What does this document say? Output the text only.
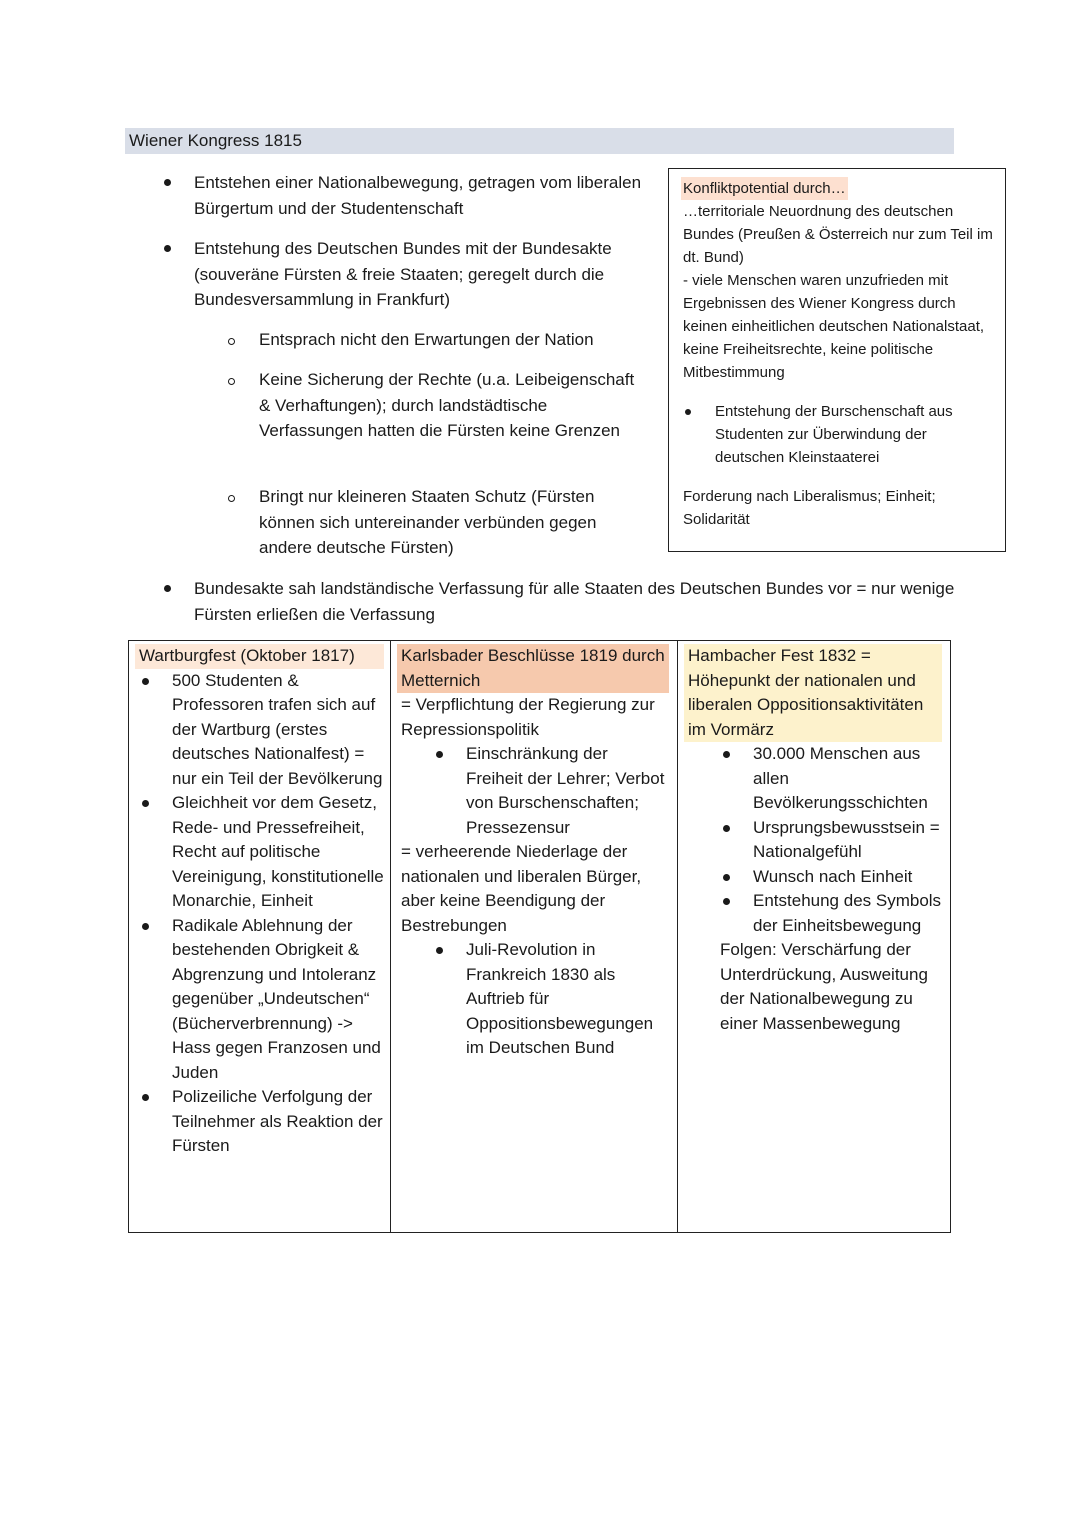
Wiener Kongress 1815
Entstehen einer Nationalbewegung, getragen vom liberalen Bürgertum und der Studentenschaft
Entstehung des Deutschen Bundes mit der Bundesakte (souveräne Fürsten & freie Staaten; geregelt durch die Bundesversammlung in Frankfurt)
Entsprach nicht den Erwartungen der Nation
Keine Sicherung der Rechte (u.a. Leibeigenschaft & Verhaftungen); durch landstädtische Verfassungen hatten die Fürsten keine Grenzen
Bringt nur kleineren Staaten Schutz (Fürsten können sich untereinander verbünden gegen andere deutsche Fürsten)
Bundesakte sah landständische Verfassung für alle Staaten des Deutschen Bundes vor = nur wenige Fürsten erließen die Verfassung
Konfliktpotential durch…
…territoriale Neuordnung des deutschen Bundes (Preußen & Österreich nur zum Teil im dt. Bund)
- viele Menschen waren unzufrieden mit Ergebnissen des Wiener Kongress durch keinen einheitlichen deutschen Nationalstaat, keine Freiheitsrechte, keine politische Mitbestimmung
Entstehung der Burschenschaft aus Studenten zur Überwindung der deutschen Kleinstaaterei
Forderung nach Liberalismus; Einheit; Solidarität
Wartburgfest (Oktober 1817)
500 Studenten & Professoren trafen sich auf der Wartburg (erstes deutsches Nationalfest) = nur ein Teil der Bevölkerung
Gleichheit vor dem Gesetz, Rede- und Pressefreiheit, Recht auf politische Vereinigung, konstitutionelle Monarchie, Einheit
Radikale Ablehnung der bestehenden Obrigkeit & Abgrenzung und Intoleranz gegenüber „Undeutschen“ (Bücherverbrennung) -> Hass gegen Franzosen und Juden
Polizeiliche Verfolgung der Teilnehmer als Reaktion der Fürsten

Karlsbader Beschlüsse 1819 durch Metternich
= Verpflichtung der Regierung zur Repressionspolitik
Einschränkung der Freiheit der Lehrer; Verbot von Burschenschaften; Pressezensur
= verheerende Niederlage der nationalen und liberalen Bürger, aber keine Beendigung der Bestrebungen
Juli-Revolution in Frankreich 1830 als Auftrieb für Oppositionsbewegungen im Deutschen Bund

Hambacher Fest 1832 = Höhepunkt der nationalen und liberalen Oppositionsaktivitäten im Vormärz
30.000 Menschen aus allen Bevölkerungsschichten
Ursprungsbewusstsein = Nationalgefühl
Wunsch nach Einheit
Entstehung des Symbols der Einheitsbewegung
Folgen: Verschärfung der Unterdrückung, Ausweitung der Nationalbewegung zu einer Massenbewegung
